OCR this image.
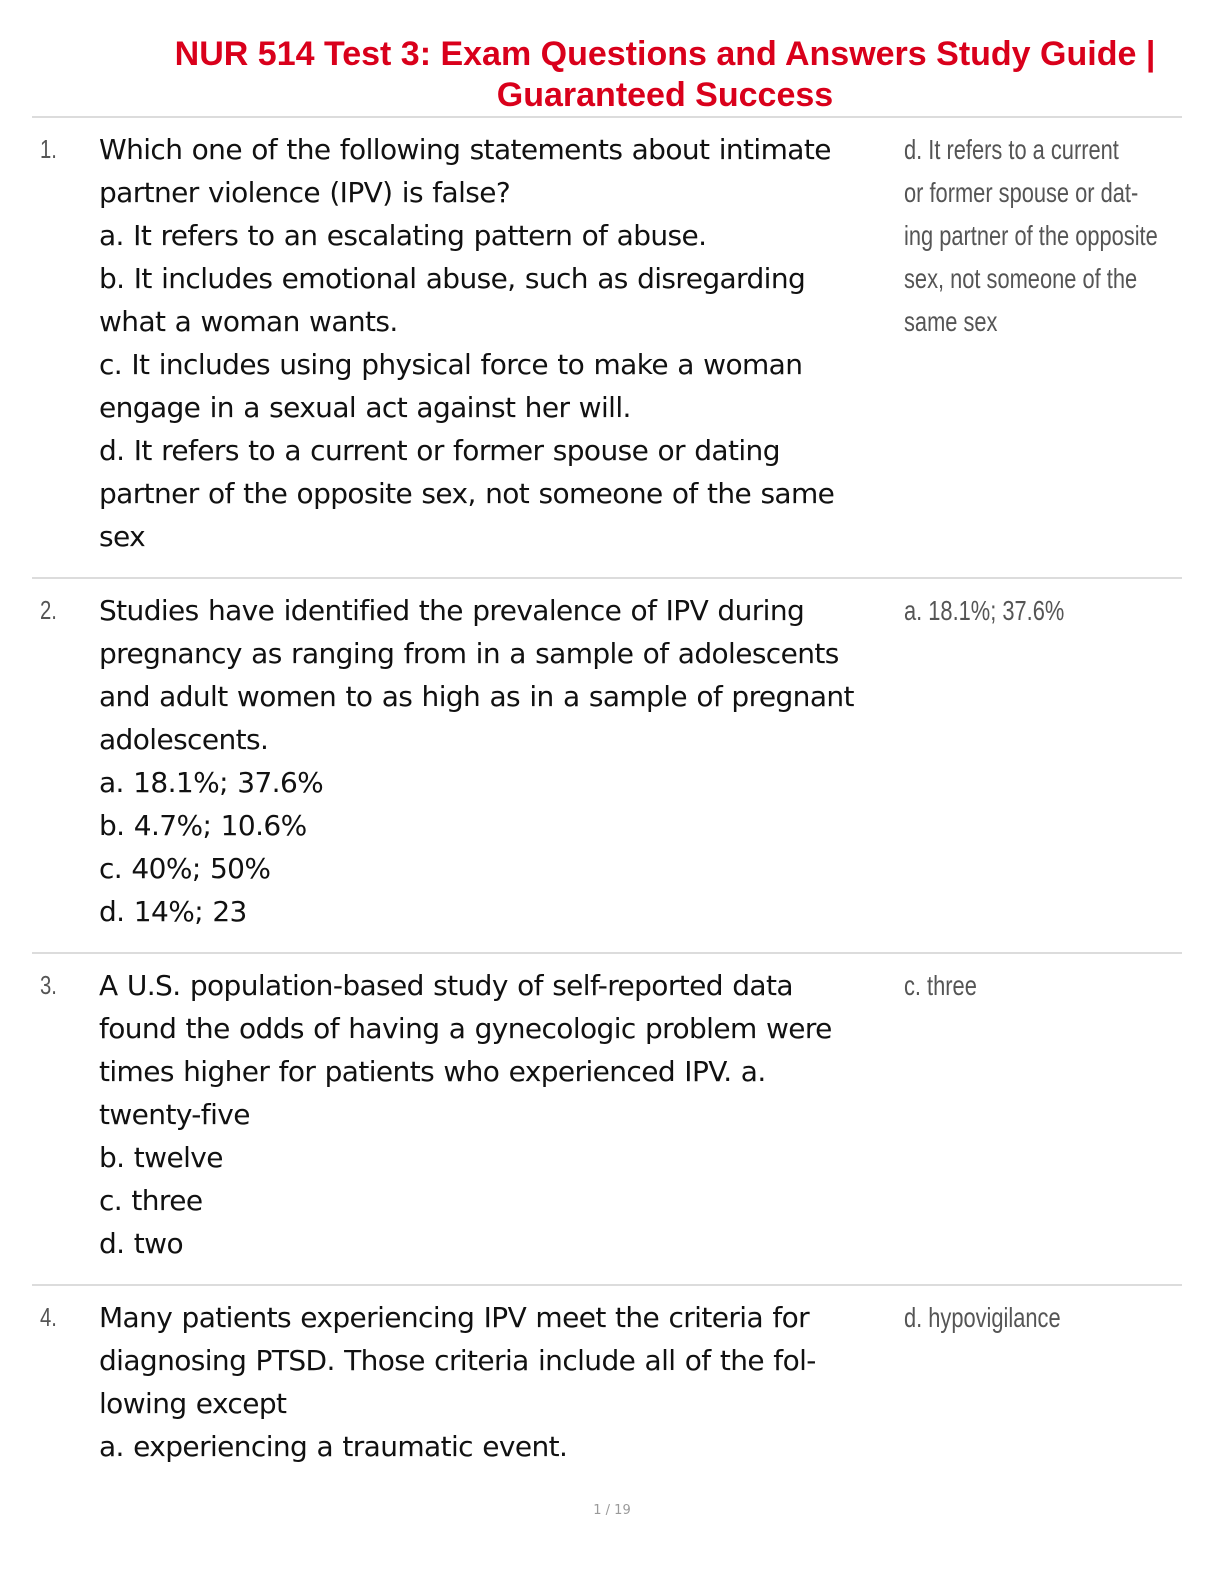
NUR 514 Test 3: Exam Questions and Answers Study Guide |
Guaranteed Success
1. Which one of the following statements about intimate
partner violence (IPV) is false?
a. It refers to an escalating pattern of abuse.
b. It includes emotional abuse, such as disregarding
what a woman wants.
c. It includes using physical force to make a woman
engage in a sexual act against her will.
d. It refers to a current or former spouse or dating
partner of the opposite sex, not someone of the same
sex
d. It refers to a current
or former spouse or dat-
ing partner of the opposite
sex, not someone of the
same sex
2. Studies have identified the prevalence of IPV during
pregnancy as ranging from in a sample of adolescents
and adult women to as high as in a sample of pregnant
adolescents.
a. 18.1%; 37.6%
b. 4.7%; 10.6%
c. 40%; 50%
d. 14%; 23
a. 18.1%; 37.6%
3. A U.S. population-based study of self-reported data
found the odds of having a gynecologic problem were
times higher for patients who experienced IPV. a.
twenty-five
b. twelve
c. three
d. two
c. three
4. Many patients experiencing IPV meet the criteria for
diagnosing PTSD. Those criteria include all of the fol-
lowing except
a. experiencing a traumatic event.
d. hypovigilance
1 / 19
